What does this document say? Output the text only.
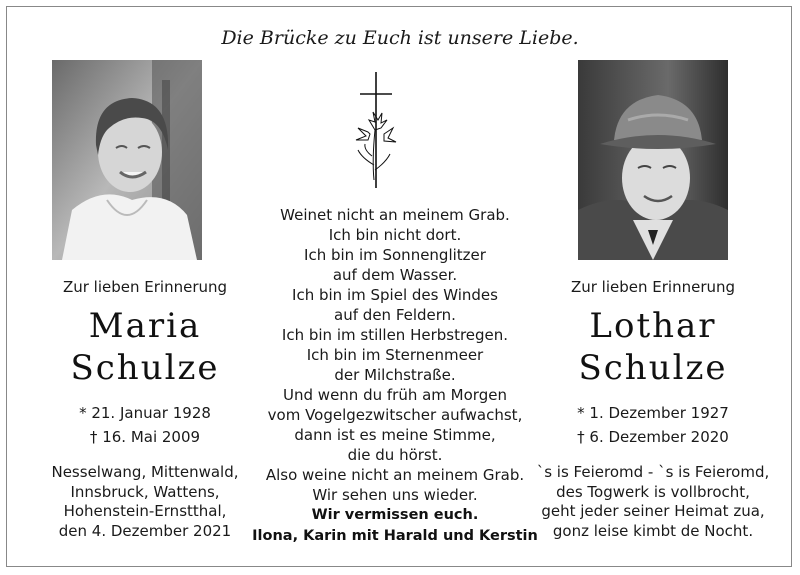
Die Brücke zu Euch ist unsere Liebe.
Zur lieben Erinnerung
Maria
Schulze
* 21. Januar 1928
† 16. Mai 2009
Nesselwang, Mittenwald,
Innsbruck, Wattens,
Hohenstein-Ernstthal,
den 4. Dezember 2021
Weinet nicht an meinem Grab.
Ich bin nicht dort.
Ich bin im Sonnenglitzer
auf dem Wasser.
Ich bin im Spiel des Windes
auf den Feldern.
Ich bin im stillen Herbstregen.
Ich bin im Sternenmeer
der Milchstraße.
Und wenn du früh am Morgen
vom Vogelgezwitscher aufwachst,
dann ist es meine Stimme,
die du hörst.
Also weine nicht an meinem Grab.
Wir sehen uns wieder.
Wir vermissen euch.
Ilona, Karin mit Harald und Kerstin
Zur lieben Erinnerung
Lothar
Schulze
* 1. Dezember 1927
† 6. Dezember 2020
`s is Feieromd - `s is Feieromd,
des Togwerk is vollbrocht,
geht jeder seiner Heimat zua,
gonz leise kimbt de Nocht.
